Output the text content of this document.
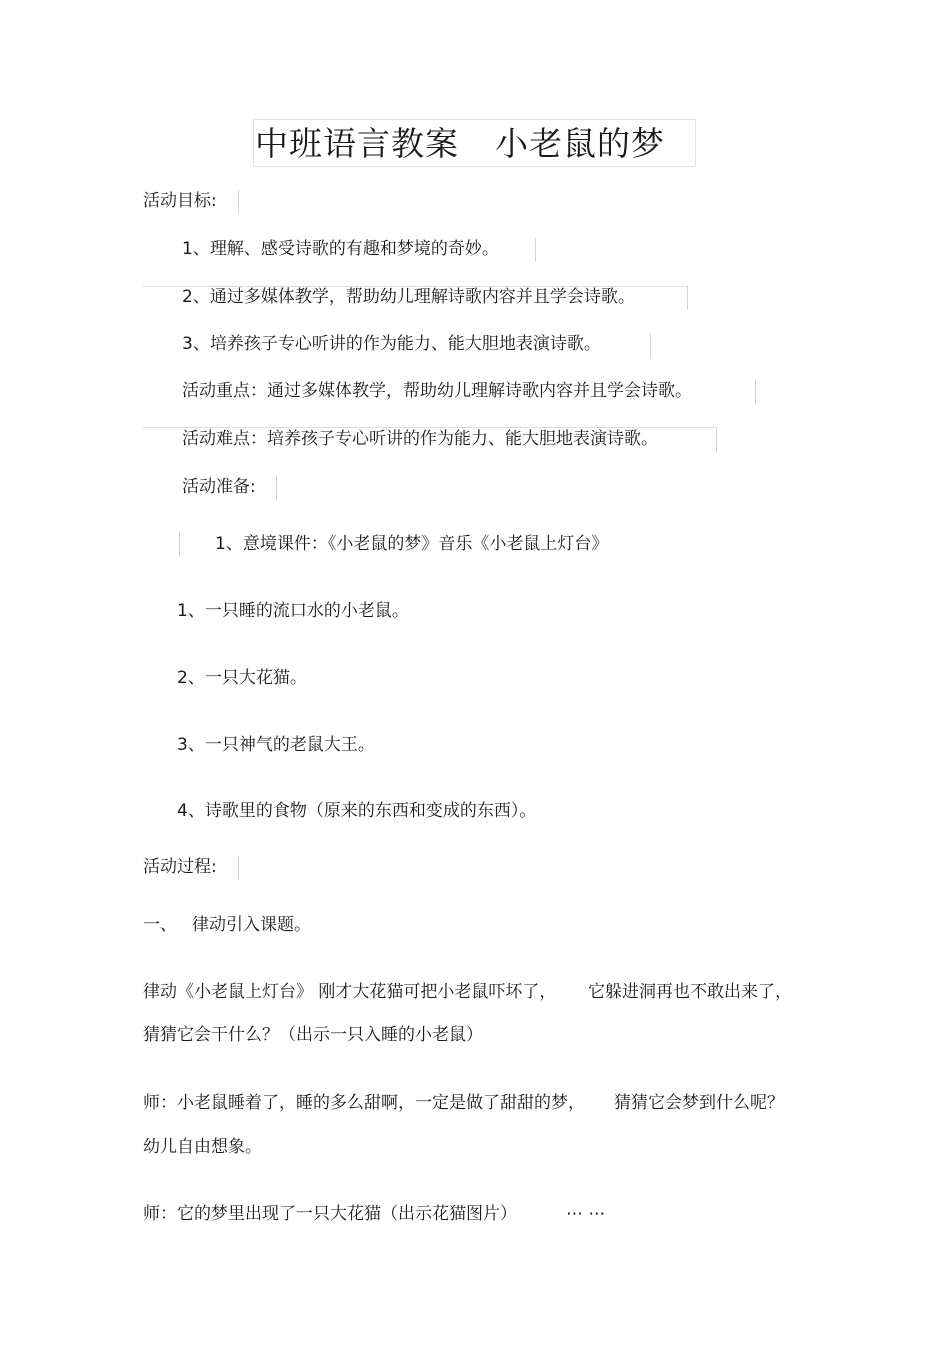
中班语言教案 小老鼠的梦
活动目标:
1、理解、感受诗歌的有趣和梦境的奇妙。
2、通过多媒体教学，帮助幼儿理解诗歌内容并且学会诗歌。
3、培养孩子专心听讲的作为能力、能大胆地表演诗歌。
活动重点：通过多媒体教学，帮助幼儿理解诗歌内容并且学会诗歌。
活动难点：培养孩子专心听讲的作为能力、能大胆地表演诗歌。
活动准备:
1、意境课件：《小老鼠的梦》音乐《小老鼠上灯台》
1、一只睡的流口水的小老鼠。
2、一只大花猫。
3、一只神气的老鼠大王。
4、诗歌里的食物（原来的东西和变成的东西）。
活动过程:
一、 律动引入课题。
律动《小老鼠上灯台》 刚才大花猫可把小老鼠吓坏了， 它躲进洞再也不敢出来了，
猜猜它会干什么？（出示一只入睡的小老鼠）
师：小老鼠睡着了，睡的多么甜啊，一定是做了甜甜的梦， 猜猜它会梦到什么呢？
幼儿自由想象。
师：它的梦里出现了一只大花猫（出示花猫图片）	⋯ ⋯
